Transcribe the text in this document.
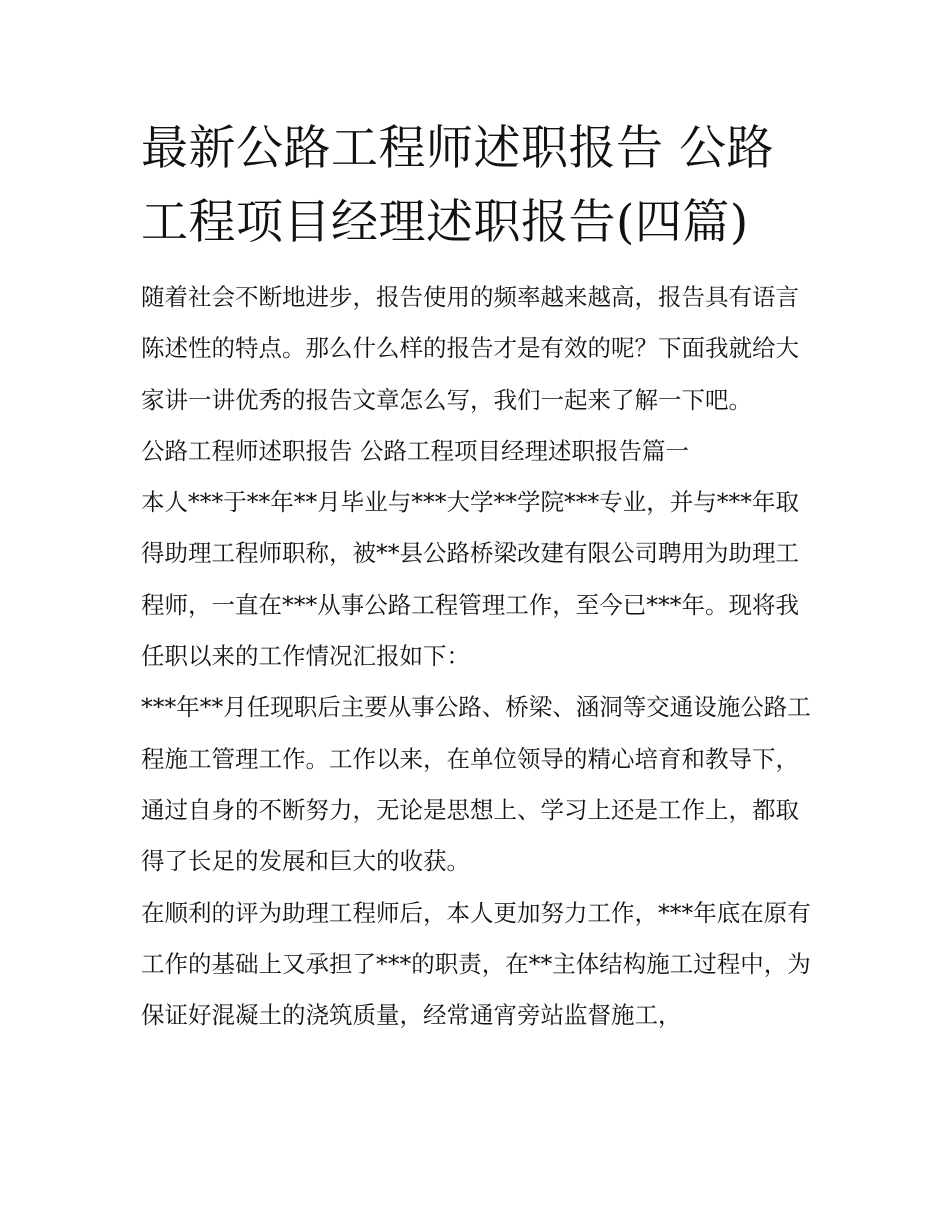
最新公路工程师述职报告 公路工程项目经理述职报告(四篇)

随着社会不断地进步，报告使用的频率越来越高，报告具有语言陈述性的特点。那么什么样的报告才是有效的呢？下面我就给大家讲一讲优秀的报告文章怎么写，我们一起来了解一下吧。

公路工程师述职报告 公路工程项目经理述职报告篇一

本人***于**年**月毕业与***大学**学院***专业，并与***年取得助理工程师职称，被**县公路桥梁改建有限公司聘用为助理工程师，一直在***从事公路工程管理工作，至今已***年。现将我任职以来的工作情况汇报如下：

***年**月任现职后主要从事公路、桥梁、涵洞等交通设施公路工程施工管理工作。工作以来，在单位领导的精心培育和教导下，通过自身的不断努力，无论是思想上、学习上还是工作上，都取得了长足的发展和巨大的收获。

在顺利的评为助理工程师后，本人更加努力工作，***年底在原有工作的基础上又承担了***的职责，在**主体结构施工过程中，为保证好混凝土的浇筑质量，经常通宵旁站监督施工，
